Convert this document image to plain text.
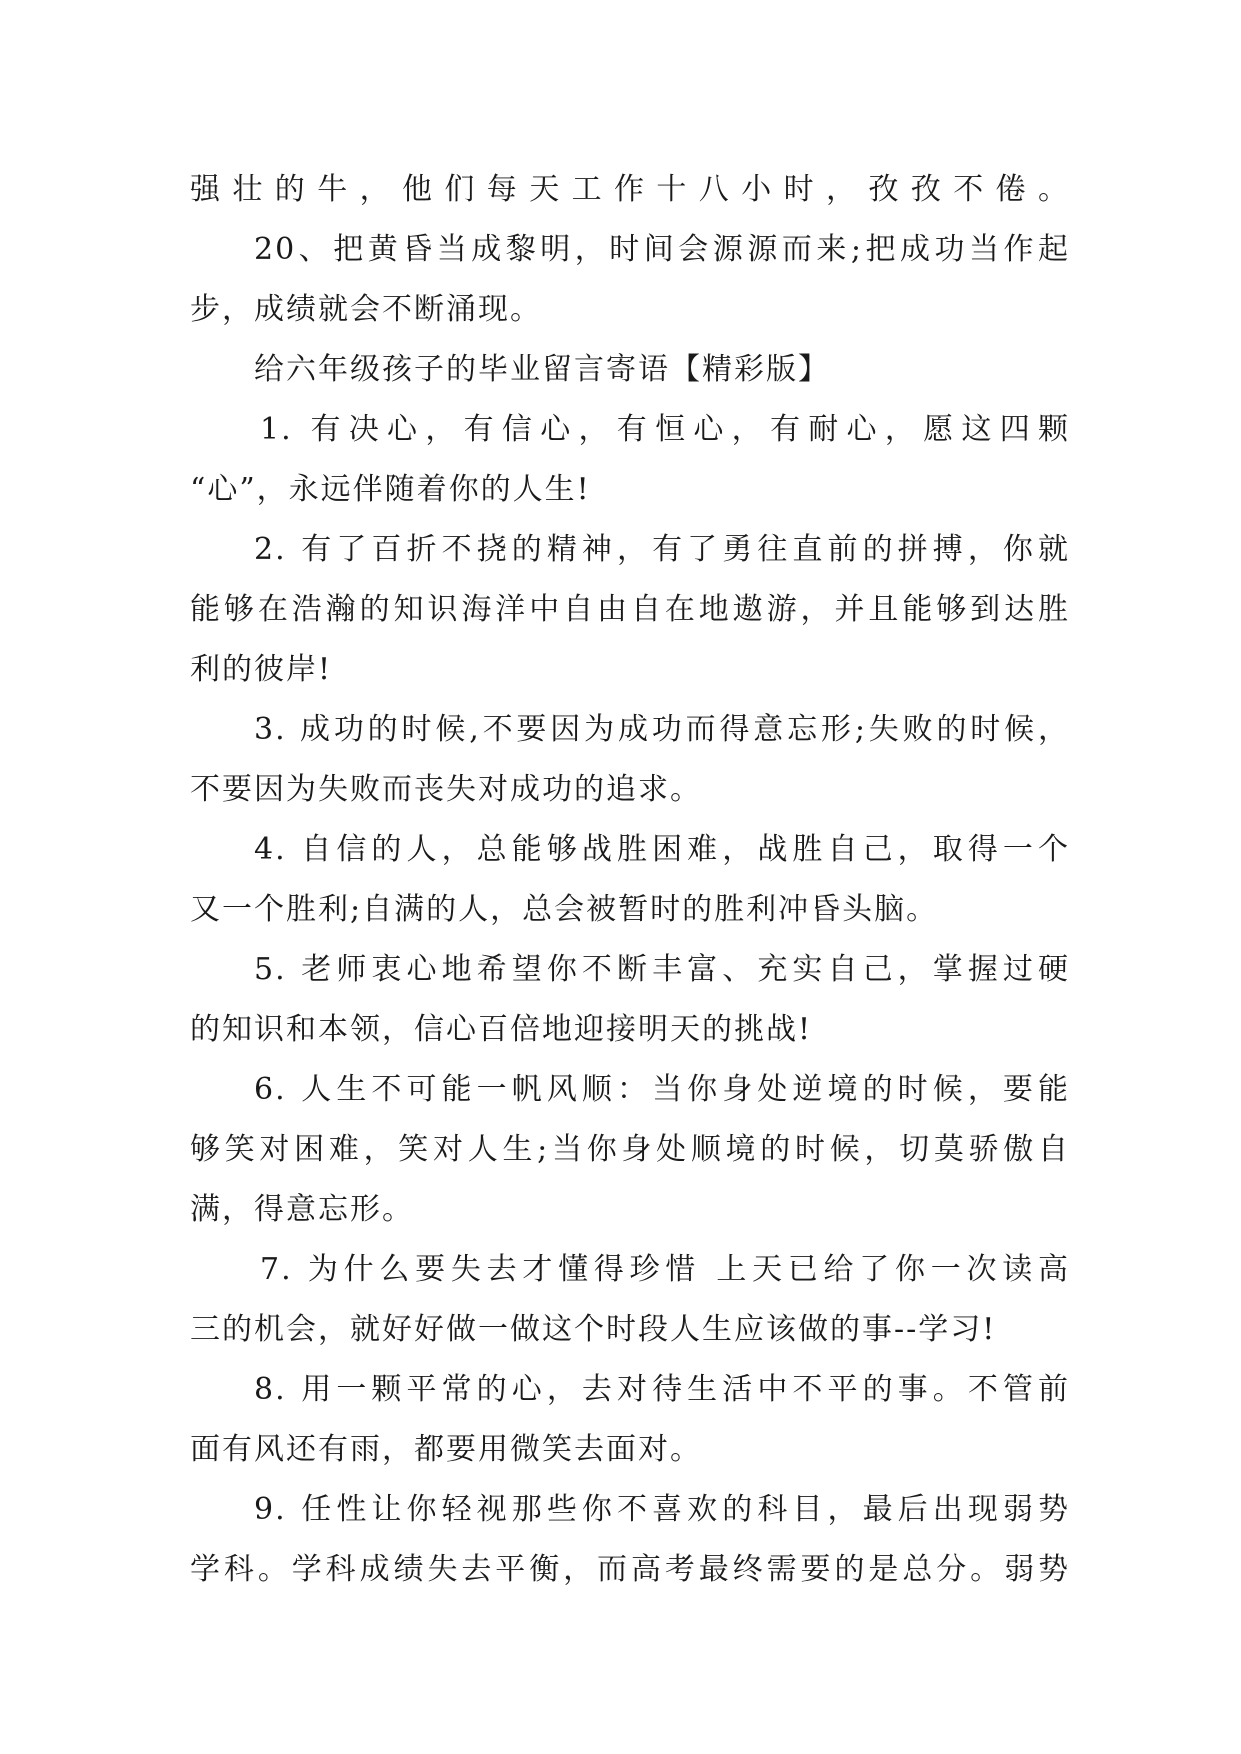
强壮的牛，他们每天工作十八小时，孜孜不倦。
20、把黄昏当成黎明，时间会源源而来;把成功当作起
步，成绩就会不断涌现。
给六年级孩子的毕业留言寄语【精彩版】
1. 有决心，有信心，有恒心，有耐心，愿这四颗
“心”，永远伴随着你的人生!
2. 有了百折不挠的精神，有了勇往直前的拼搏，你就
能够在浩瀚的知识海洋中自由自在地遨游，并且能够到达胜
利的彼岸!
3. 成功的时候,不要因为成功而得意忘形;失败的时候，
不要因为失败而丧失对成功的追求。
4. 自信的人，总能够战胜困难，战胜自己，取得一个
又一个胜利;自满的人，总会被暂时的胜利冲昏头脑。
5. 老师衷心地希望你不断丰富、充实自己，掌握过硬
的知识和本领，信心百倍地迎接明天的挑战!
6. 人生不可能一帆风顺：当你身处逆境的时候，要能
够笑对困难，笑对人生;当你身处顺境的时候，切莫骄傲自
满，得意忘形。
7. 为什么要失去才懂得珍惜 上天已给了你一次读高
三的机会，就好好做一做这个时段人生应该做的事--学习!
8. 用一颗平常的心，去对待生活中不平的事。不管前
面有风还有雨，都要用微笑去面对。
9. 任性让你轻视那些你不喜欢的科目，最后出现弱势
学科。学科成绩失去平衡，而高考最终需要的是总分。弱势
